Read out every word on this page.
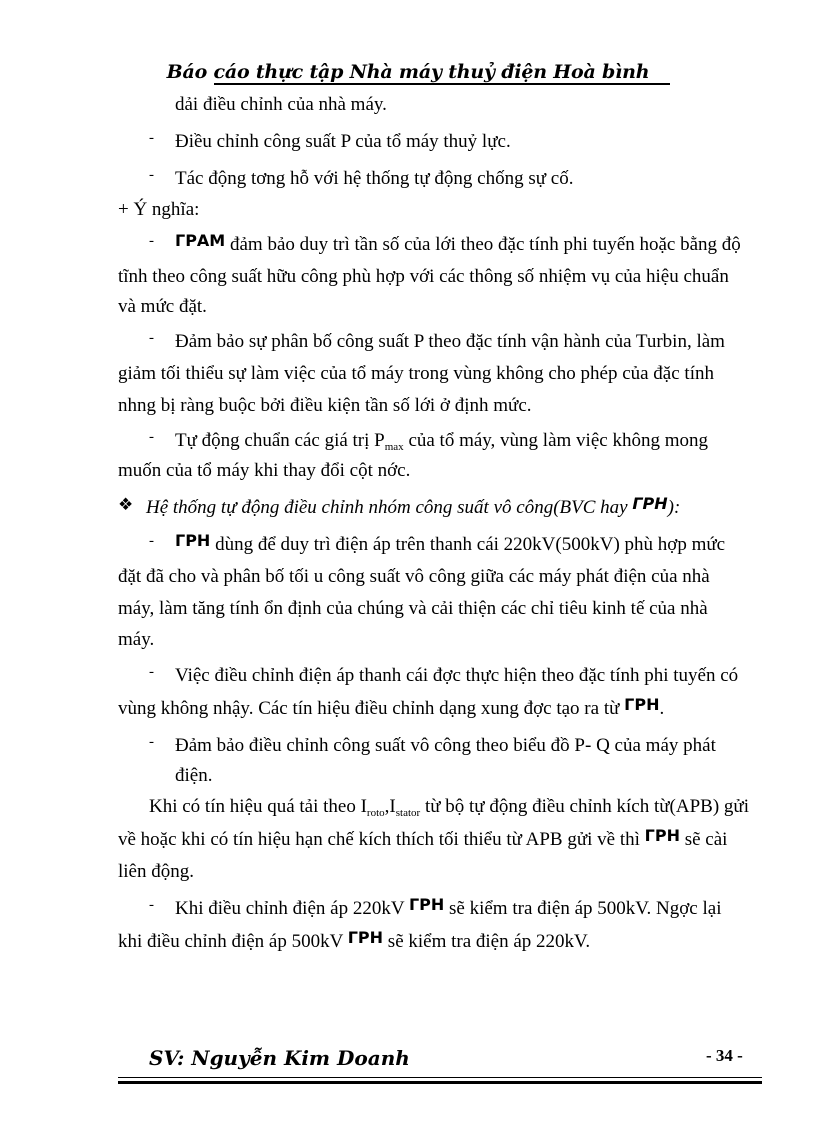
Báo cáo thực tập Nhà máy thuỷ điện Hoà bình
dải điều chỉnh của nhà máy.
- Điều chỉnh công suất P của tổ máy thuỷ lực.
- Tác động tơng hỗ với hệ thống tự động chống sự cố.
+ Ý nghĩa:
- $^{ГРАМ}$ đảm bảo duy trì tần số của lới theo đặc tính phi tuyến hoặc bằng độ
tĩnh theo công suất hữu công phù hợp với các thông số nhiệm vụ của hiệu chuẩn
và mức đặt.
- Đảm bảo sự phân bố công suất P theo đặc tính vận hành của Turbin, làm
giảm tối thiểu sự làm việc của tổ máy trong vùng không cho phép của đặc tính
nhng bị ràng buộc bởi điều kiện tần số lới ở định mức.
- Tự động chuẩn các giá trị $P_{max}$ của tổ máy, vùng làm việc không mong
muốn của tổ máy khi thay đổi cột nớc.
❖ Hệ thống tự động điều chỉnh nhóm công suất vô công(BVC hay $^{ГРН}$):
- $^{ГРН}$ dùng để duy trì điện áp trên thanh cái 220kV(500kV) phù hợp mức
đặt đã cho và phân bố tối u công suất vô công giữa các máy phát điện của nhà
máy, làm tăng tính ổn định của chúng và cải thiện các chỉ tiêu kinh tế của nhà
máy.
- Việc điều chỉnh điện áp thanh cái đợc thực hiện theo đặc tính phi tuyến có
vùng không nhậy. Các tín hiệu điều chỉnh dạng xung đợc tạo ra từ $^{ГРН}$.
- Đảm bảo điều chỉnh công suất vô công theo biểu đồ P- Q của máy phát
điện.
Khi có tín hiệu quá tải theo $I_{roto},I_{stator}$ từ bộ tự động điều chỉnh kích từ(APB) gửi
về hoặc khi có tín hiệu hạn chế kích thích tối thiểu từ APB gửi về thì $^{ГРН}$ sẽ cài
liên động.
- Khi điều chỉnh điện áp 220kV $^{ГРН}$ sẽ kiểm tra điện áp 500kV. Ngợc lại
khi điều chỉnh điện áp 500kV $^{ГРН}$ sẽ kiểm tra điện áp 220kV.
SV: Nguyễn Kim Doanh	- 34 -
